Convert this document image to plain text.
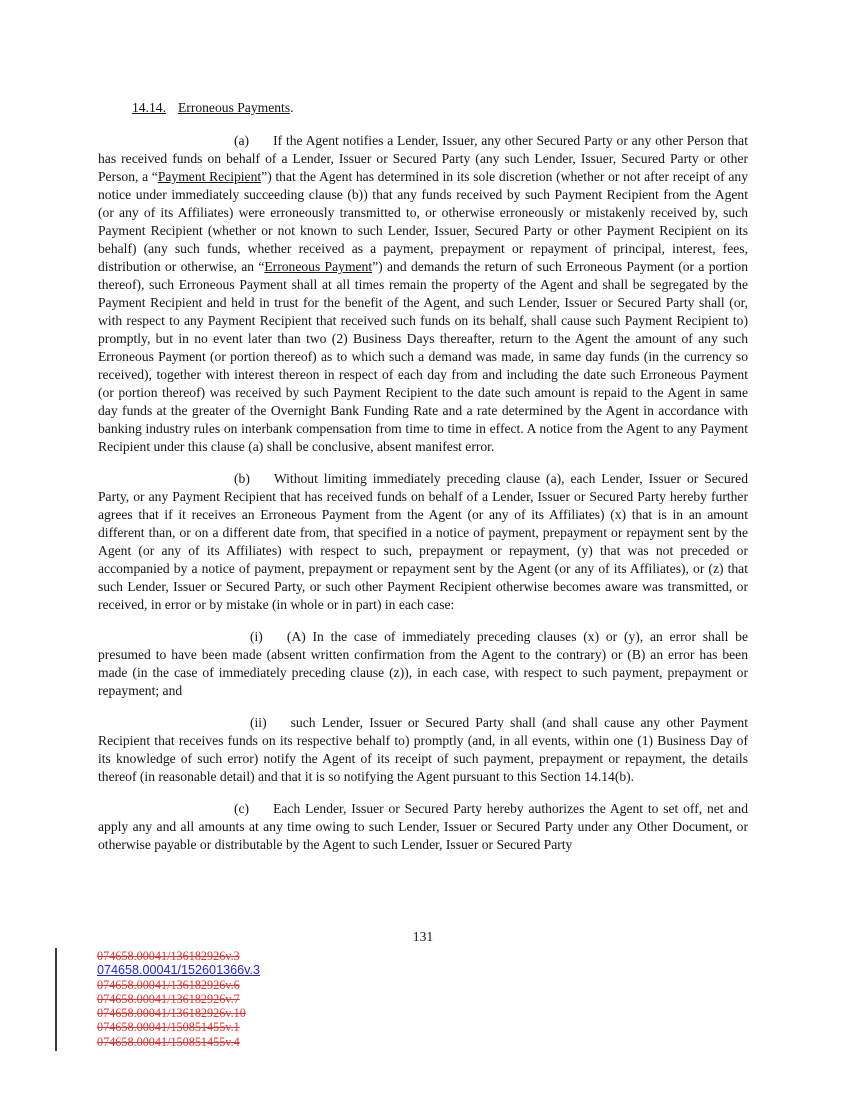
14.14. Erroneous Payments.

(a) If the Agent notifies a Lender, Issuer, any other Secured Party or any other Person that has received funds on behalf of a Lender, Issuer or Secured Party (any such Lender, Issuer, Secured Party or other Person, a “Payment Recipient”) that the Agent has determined in its sole discretion (whether or not after receipt of any notice under immediately succeeding clause (b)) that any funds received by such Payment Recipient from the Agent (or any of its Affiliates) were erroneously transmitted to, or otherwise erroneously or mistakenly received by, such Payment Recipient (whether or not known to such Lender, Issuer, Secured Party or other Payment Recipient on its behalf) (any such funds, whether received as a payment, prepayment or repayment of principal, interest, fees, distribution or otherwise, an “Erroneous Payment”) and demands the return of such Erroneous Payment (or a portion thereof), such Erroneous Payment shall at all times remain the property of the Agent and shall be segregated by the Payment Recipient and held in trust for the benefit of the Agent, and such Lender, Issuer or Secured Party shall (or, with respect to any Payment Recipient that received such funds on its behalf, shall cause such Payment Recipient to) promptly, but in no event later than two (2) Business Days thereafter, return to the Agent the amount of any such Erroneous Payment (or portion thereof) as to which such a demand was made, in same day funds (in the currency so received), together with interest thereon in respect of each day from and including the date such Erroneous Payment (or portion thereof) was received by such Payment Recipient to the date such amount is repaid to the Agent in same day funds at the greater of the Overnight Bank Funding Rate and a rate determined by the Agent in accordance with banking industry rules on interbank compensation from time to time in effect. A notice from the Agent to any Payment Recipient under this clause (a) shall be conclusive, absent manifest error.

(b) Without limiting immediately preceding clause (a), each Lender, Issuer or Secured Party, or any Payment Recipient that has received funds on behalf of a Lender, Issuer or Secured Party hereby further agrees that if it receives an Erroneous Payment from the Agent (or any of its Affiliates) (x) that is in an amount different than, or on a different date from, that specified in a notice of payment, prepayment or repayment sent by the Agent (or any of its Affiliates) with respect to such, prepayment or repayment, (y) that was not preceded or accompanied by a notice of payment, prepayment or repayment sent by the Agent (or any of its Affiliates), or (z) that such Lender, Issuer or Secured Party, or such other Payment Recipient otherwise becomes aware was transmitted, or received, in error or by mistake (in whole or in part) in each case:

(i) (A) In the case of immediately preceding clauses (x) or (y), an error shall be presumed to have been made (absent written confirmation from the Agent to the contrary) or (B) an error has been made (in the case of immediately preceding clause (z)), in each case, with respect to such payment, prepayment or repayment; and

(ii) such Lender, Issuer or Secured Party shall (and shall cause any other Payment Recipient that receives funds on its respective behalf to) promptly (and, in all events, within one (1) Business Day of its knowledge of such error) notify the Agent of its receipt of such payment, prepayment or repayment, the details thereof (in reasonable detail) and that it is so notifying the Agent pursuant to this Section 14.14(b).

(c) Each Lender, Issuer or Secured Party hereby authorizes the Agent to set off, net and apply any and all amounts at any time owing to such Lender, Issuer or Secured Party under any Other Document, or otherwise payable or distributable by the Agent to such Lender, Issuer or Secured Party

131
074658.00041/136182926v.3
074658.00041/152601366v.3
074658.00041/136182926v.6
074658.00041/136182926v.7
074658.00041/136182926v.10
074658.00041/150851455v.1
074658.00041/150851455v.4
